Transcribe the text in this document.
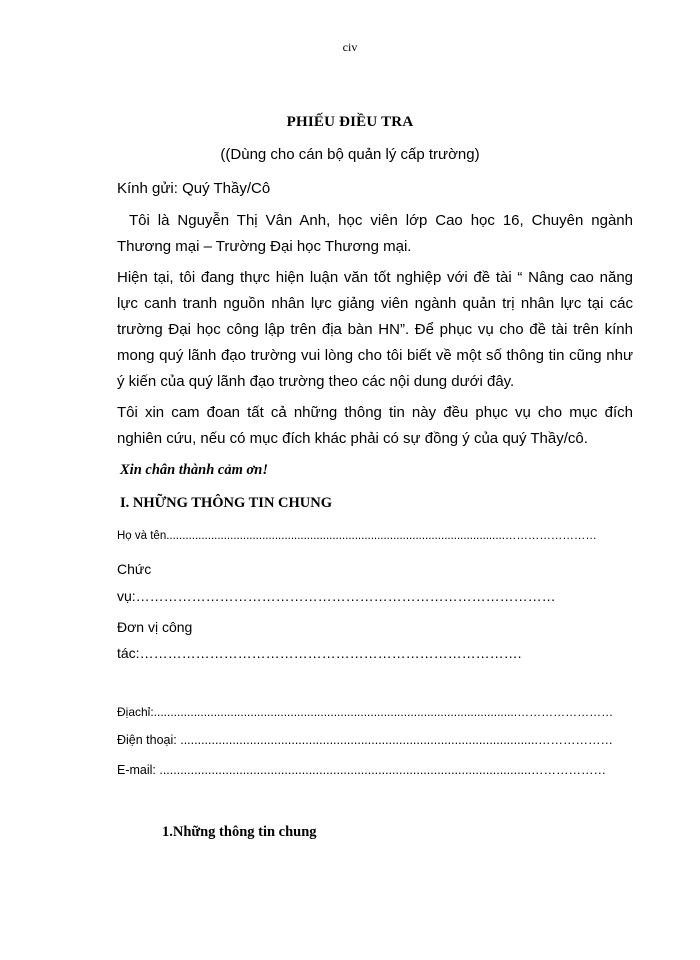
civ
PHIẾU ĐIỀU TRA
((Dùng cho cán bộ quản lý cấp trường)
Kính gửi: Quý Thầy/Cô
Tôi là Nguyễn Thị Vân Anh, học viên lớp Cao học 16, Chuyên ngành Thương mại – Trường Đại học Thương mại.
Hiện tại, tôi đang thực hiện luận văn tốt nghiệp với đề tài “ Nâng cao năng lực canh tranh nguồn nhân lực giảng viên ngành quản trị nhân lực tại các trường Đại học công lập trên địa bàn HN”. Để phục vụ cho đề tài trên kính mong quý lãnh đạo trường vui lòng cho tôi biết về một số thông tin cũng như ý kiến của quý lãnh đạo trường theo các nội dung dưới đây.
Tôi xin cam đoan tất cả những thông tin này đều phục vụ cho mục đích nghiên cứu, nếu có mục đích khác phải có sự đồng ý của quý Thầy/cô.
Xin chân thành cảm ơn!
I. NHỮNG THÔNG TIN CHUNG
Họ và tên..........................................................................................................……………………
Chức
vụ:………………………………………………………………………………
Đơn vị công
tác:……………………………………………………………………….
Địachỉ:.............................................................................................................……………………
Điện thoại: .......................................................................................................………………
E-mail: ...........................................................................................................………………
1.Những thông tin chung
